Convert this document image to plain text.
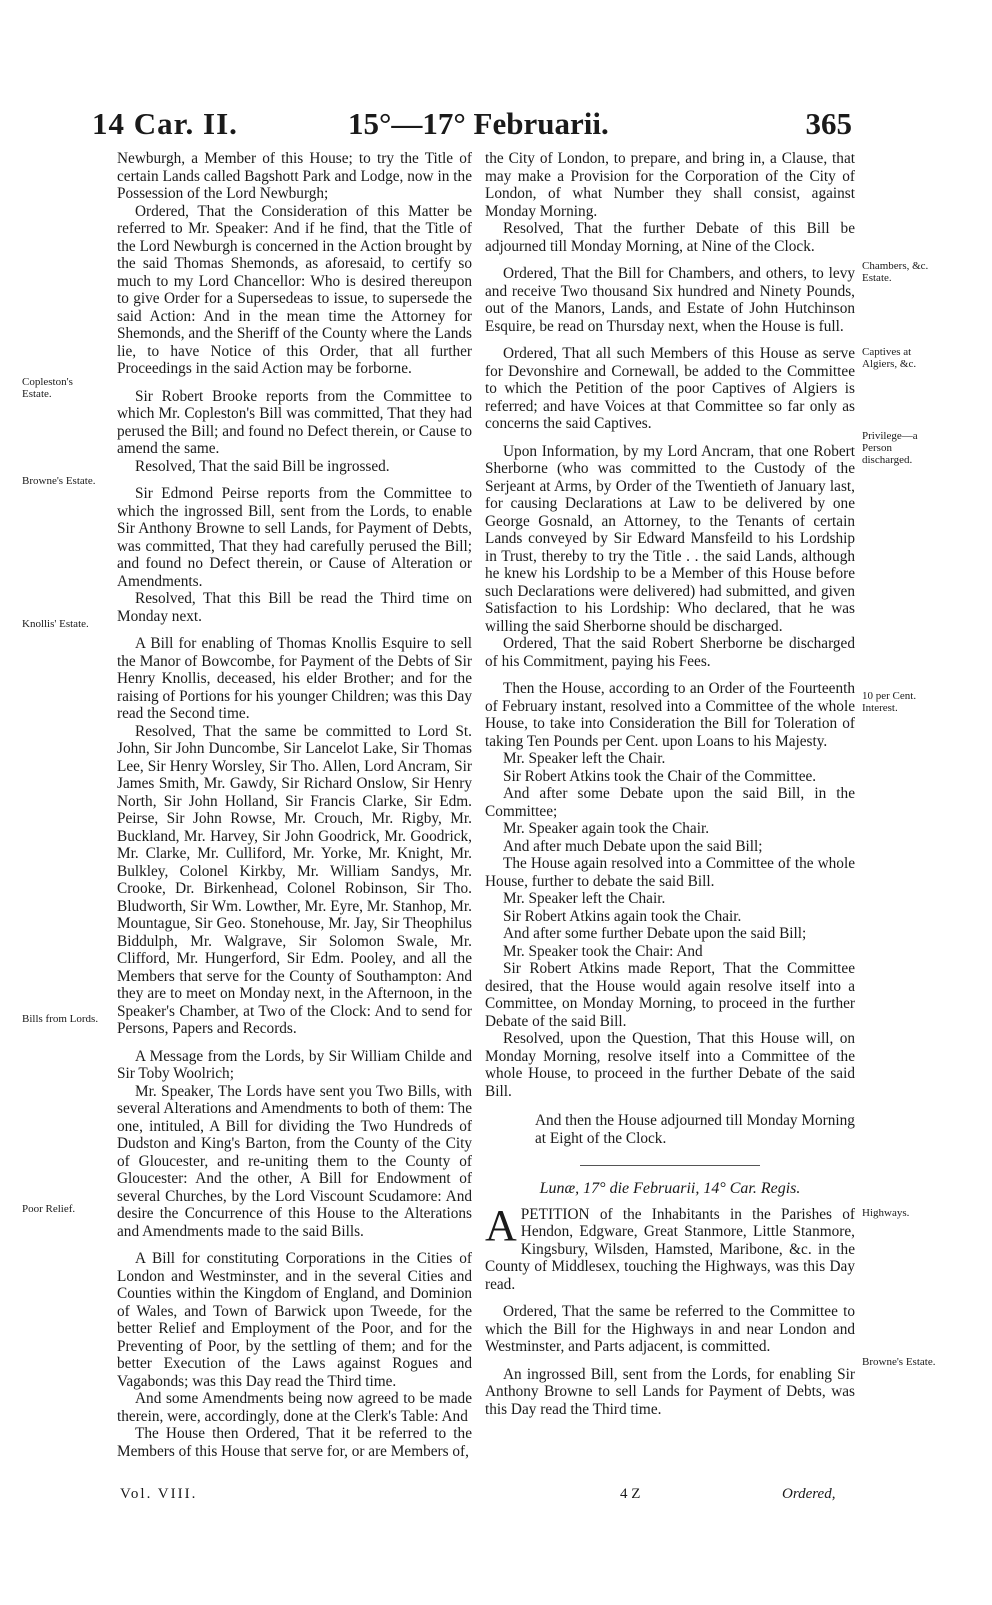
14 Car. II.	15°—17° Februarii.	365
Copleston's Estate.
Browne's Estate.
Knollis' Estate.
Bills from Lords.
Poor Relief.
Chambers, &c. Estate.
Captives at Algiers, &c.
Privilege—a Person discharged.
10 per Cent. Interest.
Highways.
Browne's Estate.

Newburgh, a Member of this House; to try the Title of certain Lands called Bagshott Park and Lodge, now in the Possession of the Lord Newburgh;

Ordered, That the Consideration of this Matter be referred to Mr. Speaker: And if he find, that the Title of the Lord Newburgh is concerned in the Action brought by the said Thomas Shemonds, as aforesaid, to certify so much to my Lord Chancellor: Who is desired thereupon to give Order for a Supersedeas to issue, to supersede the said Action: And in the mean time the Attorney for Shemonds, and the Sheriff of the County where the Lands lie, to have Notice of this Order, that all further Proceedings in the said Action may be forborne.

Sir Robert Brooke reports from the Committee to which Mr. Copleston's Bill was committed, That they had perused the Bill; and found no Defect therein, or Cause to amend the same.

Resolved, That the said Bill be ingrossed.

Sir Edmond Peirse reports from the Committee to which the ingrossed Bill, sent from the Lords, to enable Sir Anthony Browne to sell Lands, for Payment of Debts, was committed, That they had carefully perused the Bill; and found no Defect therein, or Cause of Alteration or Amendments.

Resolved, That this Bill be read the Third time on Monday next.

A Bill for enabling of Thomas Knollis Esquire to sell the Manor of Bowcombe, for Payment of the Debts of Sir Henry Knollis, deceased, his elder Brother; and for the raising of Portions for his younger Children; was this Day read the Second time.

Resolved, That the same be committed to Lord St. John, Sir John Duncombe, Sir Lancelot Lake, Sir Thomas Lee, Sir Henry Worsley, Sir Tho. Allen, Lord Ancram, Sir James Smith, Mr. Gawdy, Sir Richard Onslow, Sir Henry North, Sir John Holland, Sir Francis Clarke, Sir Edm. Peirse, Sir John Rowse, Mr. Crouch, Mr. Rigby, Mr. Buckland, Mr. Harvey, Sir John Goodrick, Mr. Goodrick, Mr. Clarke, Mr. Culliford, Mr. Yorke, Mr. Knight, Mr. Bulkley, Colonel Kirkby, Mr. William Sandys, Mr. Crooke, Dr. Birkenhead, Colonel Robinson, Sir Tho. Bludworth, Sir Wm. Lowther, Mr. Eyre, Mr. Stanhop, Mr. Mountague, Sir Geo. Stonehouse, Mr. Jay, Sir Theophilus Biddulph, Mr. Walgrave, Sir Solomon Swale, Mr. Clifford, Mr. Hungerford, Sir Edm. Pooley, and all the Members that serve for the County of Southampton: And they are to meet on Monday next, in the Afternoon, in the Speaker's Chamber, at Two of the Clock: And to send for Persons, Papers and Records.

A Message from the Lords, by Sir William Childe and Sir Toby Woolrich;

Mr. Speaker, The Lords have sent you Two Bills, with several Alterations and Amendments to both of them: The one, intituled, A Bill for dividing the Two Hundreds of Dudston and King's Barton, from the County of the City of Gloucester, and re-uniting them to the County of Gloucester: And the other, A Bill for Endowment of several Churches, by the Lord Viscount Scudamore: And desire the Concurrence of this House to the Alterations and Amendments made to the said Bills.

A Bill for constituting Corporations in the Cities of London and Westminster, and in the several Cities and Counties within the Kingdom of England, and Dominion of Wales, and Town of Barwick upon Tweede, for the better Relief and Employment of the Poor, and for the Preventing of Poor, by the settling of them; and for the better Execution of the Laws against Rogues and Vagabonds; was this Day read the Third time.

And some Amendments being now agreed to be made therein, were, accordingly, done at the Clerk's Table: And

The House then Ordered, That it be referred to the Members of this House that serve for, or are Members of,

the City of London, to prepare, and bring in, a Clause, that may make a Provision for the Corporation of the City of London, of what Number they shall consist, against Monday Morning.

Resolved, That the further Debate of this Bill be adjourned till Monday Morning, at Nine of the Clock.

Ordered, That the Bill for Chambers, and others, to levy and receive Two thousand Six hundred and Ninety Pounds, out of the Manors, Lands, and Estate of John Hutchinson Esquire, be read on Thursday next, when the House is full.

Ordered, That all such Members of this House as serve for Devonshire and Cornewall, be added to the Committee to which the Petition of the poor Captives of Algiers is referred; and have Voices at that Committee so far only as concerns the said Captives.

Upon Information, by my Lord Ancram, that one Robert Sherborne (who was committed to the Custody of the Serjeant at Arms, by Order of the Twentieth of January last, for causing Declarations at Law to be delivered by one George Gosnald, an Attorney, to the Tenants of certain Lands conveyed by Sir Edward Mansfeild to his Lordship in Trust, thereby to try the Title . . the said Lands, although he knew his Lordship to be a Member of this House before such Declarations were delivered) had submitted, and given Satisfaction to his Lordship: Who declared, that he was willing the said Sherborne should be discharged.

Ordered, That the said Robert Sherborne be discharged of his Commitment, paying his Fees.

Then the House, according to an Order of the Fourteenth of February instant, resolved into a Committee of the whole House, to take into Consideration the Bill for Toleration of taking Ten Pounds per Cent. upon Loans to his Majesty.

Mr. Speaker left the Chair.

Sir Robert Atkins took the Chair of the Committee.

And after some Debate upon the said Bill, in the Committee;

Mr. Speaker again took the Chair.

And after much Debate upon the said Bill;

The House again resolved into a Committee of the whole House, further to debate the said Bill.

Mr. Speaker left the Chair.

Sir Robert Atkins again took the Chair.

And after some further Debate upon the said Bill;

Mr. Speaker took the Chair: And

Sir Robert Atkins made Report, That the Committee desired, that the House would again resolve itself into a Committee, on Monday Morning, to proceed in the further Debate of the said Bill.

Resolved, upon the Question, That this House will, on Monday Morning, resolve itself into a Committee of the whole House, to proceed in the further Debate of the said Bill.

And then the House adjourned till Monday Morning at Eight of the Clock.

Lunæ, 17° die Februarii, 14° Car. Regis.

A PETITION of the Inhabitants in the Parishes of Hendon, Edgware, Great Stanmore, Little Stanmore, Kingsbury, Wilsden, Hamsted, Maribone, &c. in the County of Middlesex, touching the Highways, was this Day read.

Ordered, That the same be referred to the Committee to which the Bill for the Highways in and near London and Westminster, and Parts adjacent, is committed.

An ingrossed Bill, sent from the Lords, for enabling Sir Anthony Browne to sell Lands for Payment of Debts, was this Day read the Third time.

Vol. VIII.	4 Z	Ordered,
